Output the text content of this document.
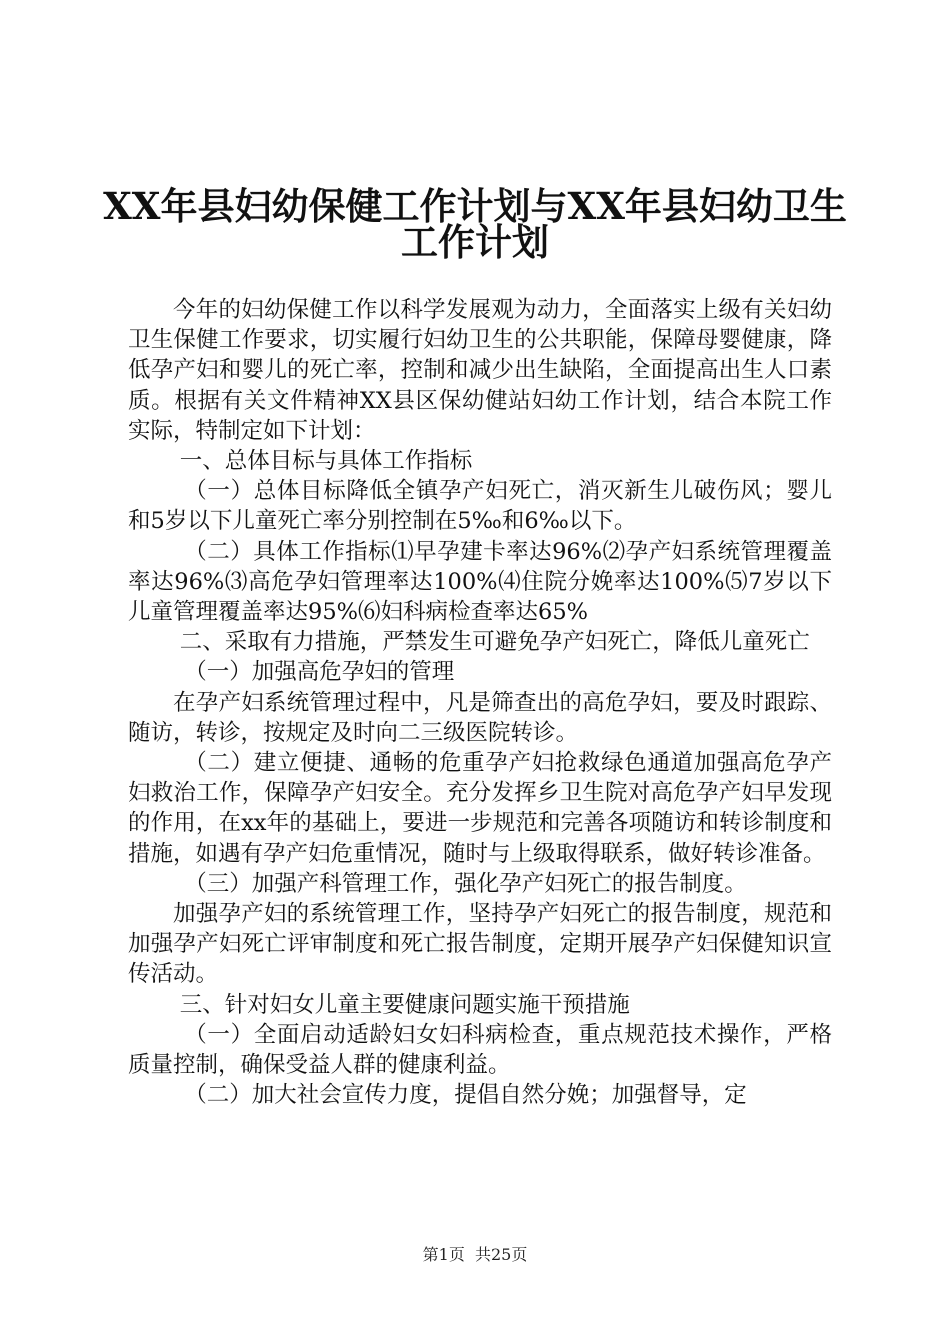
XX年县妇幼保健工作计划与XX年县妇幼卫生
工作计划

今年的妇幼保健工作以科学发展观为动力，全面落实上级有关妇幼卫生保健工作要求，切实履行妇幼卫生的公共职能，保障母婴健康，降低孕产妇和婴儿的死亡率，控制和减少出生缺陷，全面提高出生人口素质。根据有关文件精神XX县区保幼健站妇幼工作计划，结合本院工作实际，特制定如下计划：

一、总体目标与具体工作指标

（一）总体目标降低全镇孕产妇死亡，消灭新生儿破伤风；婴儿和5岁以下儿童死亡率分别控制在5‰和6‰以下。

（二）具体工作指标⑴早孕建卡率达96%⑵孕产妇系统管理覆盖率达96%⑶高危孕妇管理率达100%⑷住院分娩率达100%⑸7岁以下儿童管理覆盖率达95%⑹妇科病检查率达65%

二、采取有力措施，严禁发生可避免孕产妇死亡，降低儿童死亡

（一）加强高危孕妇的管理

在孕产妇系统管理过程中，凡是筛查出的高危孕妇，要及时跟踪、随访，转诊，按规定及时向二三级医院转诊。

（二）建立便捷、通畅的危重孕产妇抢救绿色通道加强高危孕产妇救治工作，保障孕产妇安全。充分发挥乡卫生院对高危孕产妇早发现的作用，在xx年的基础上，要进一步规范和完善各项随访和转诊制度和措施，如遇有孕产妇危重情况，随时与上级取得联系，做好转诊准备。

（三）加强产科管理工作，强化孕产妇死亡的报告制度。

加强孕产妇的系统管理工作，坚持孕产妇死亡的报告制度，规范和加强孕产妇死亡评审制度和死亡报告制度，定期开展孕产妇保健知识宣传活动。

三、针对妇女儿童主要健康问题实施干预措施

（一）全面启动适龄妇女妇科病检查，重点规范技术操作，严格质量控制，确保受益人群的健康利益。

（二）加大社会宣传力度，提倡自然分娩；加强督导，定

第1页  共25页
